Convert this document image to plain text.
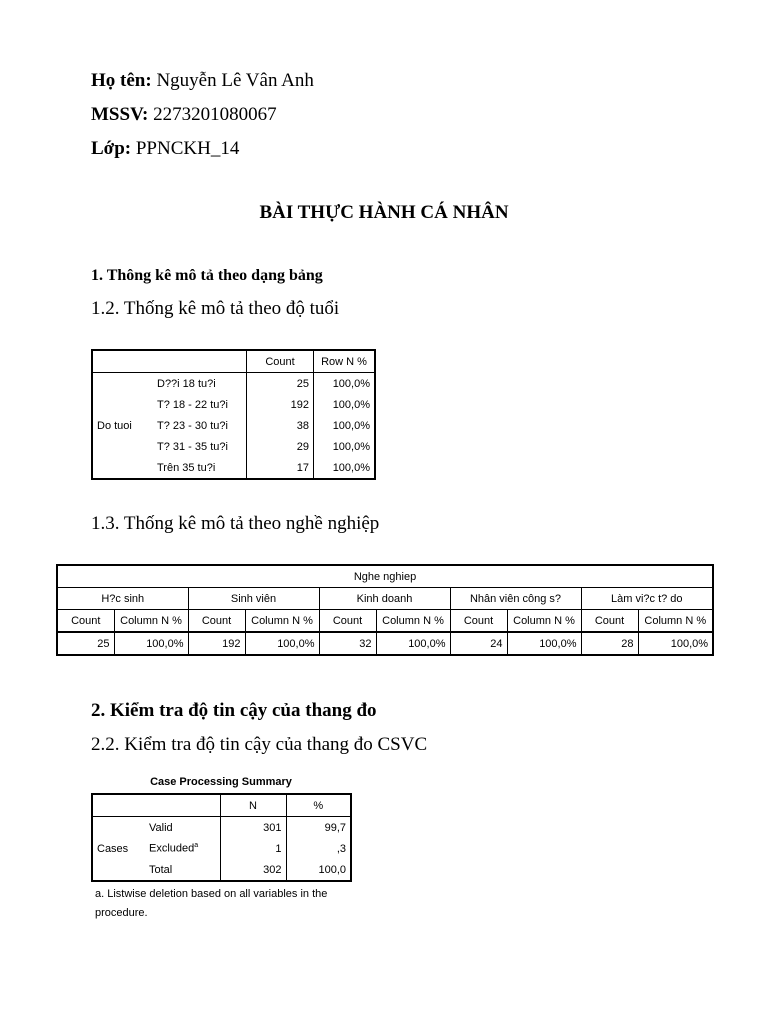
Họ tên: Nguyễn Lê Vân Anh
MSSV: 2273201080067
Lớp: PPNCKH_14
BÀI THỰC HÀNH CÁ NHÂN
1. Thông kê mô tả theo dạng bảng
1.2. Thống kê mô tả theo độ tuổi
		Count	Row N %
Do tuoi	D??i 18 tu?i	25	100,0%
	T? 18 - 22 tu?i	192	100,0%
	T? 23 - 30 tu?i	38	100,0%
	T? 31 - 35 tu?i	29	100,0%
	Trên 35 tu?i	17	100,0%
1.3. Thống kê mô tả theo nghề nghiệp
Nghe nghiep									
H?c sinh		Sinh viên		Kinh doanh		Nhân viên công s?		Làm vi?c t? do	
Count	Column N %	Count	Column N %	Count	Column N %	Count	Column N %	Count	Column N %
25	100,0%	192	100,0%	32	100,0%	24	100,0%	28	100,0%
2. Kiểm tra độ tin cậy của thang đo
2.2. Kiểm tra độ tin cậy của thang đo CSVC
Case Processing Summary
		N	%
Cases	Valid	301	99,7
	Excluded$^a$	1	,3
	Total	302	100,0
a. Listwise deletion based on all variables in the
procedure.
